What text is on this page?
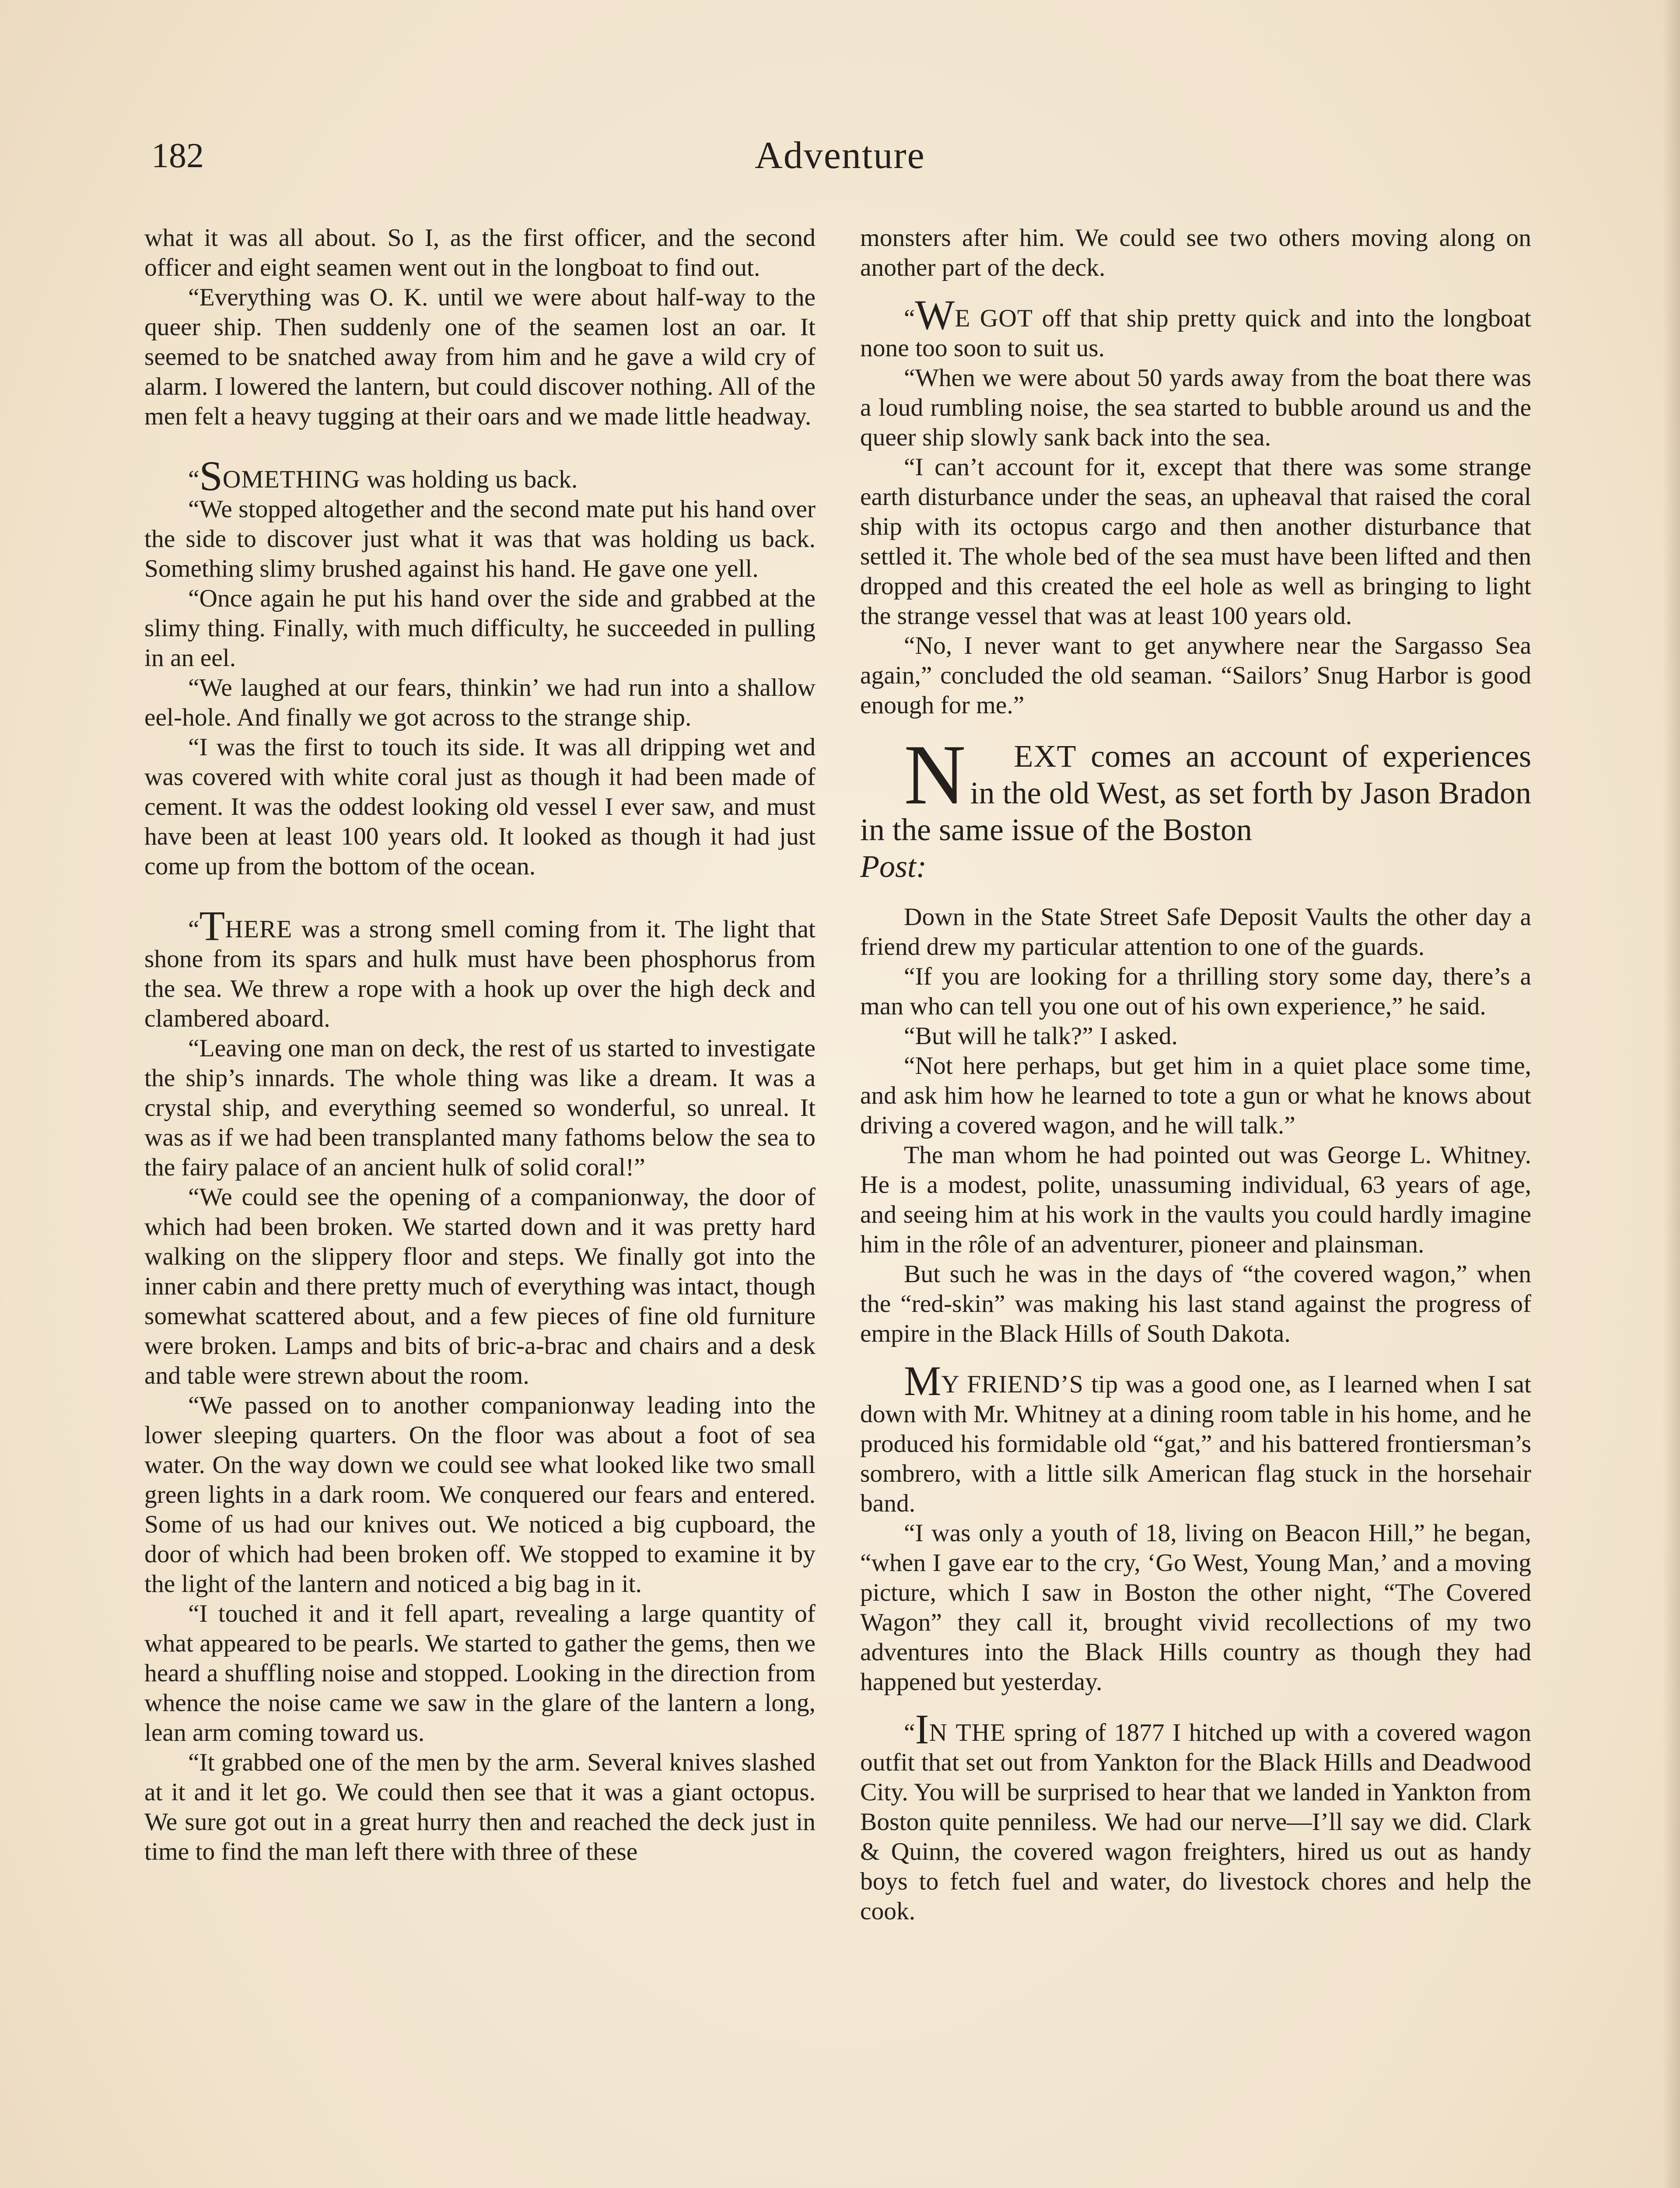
182	Adventure

what it was all about. So I, as the first officer, and the second officer and eight seamen went out in the longboat to find out.

“Everything was O. K. until we were about half-way to the queer ship. Then suddenly one of the seamen lost an oar. It seemed to be snatched away from him and he gave a wild cry of alarm. I lowered the lantern, but could discover nothing. All of the men felt a heavy tugging at their oars and we made little headway.

“SOMETHING was holding us back.

“We stopped altogether and the second mate put his hand over the side to discover just what it was that was holding us back. Something slimy brushed against his hand. He gave one yell.

“Once again he put his hand over the side and grabbed at the slimy thing. Finally, with much difficulty, he succeeded in pulling in an eel.

“We laughed at our fears, thinkin’ we had run into a shallow eel-hole. And finally we got across to the strange ship.

“I was the first to touch its side. It was all dripping wet and was covered with white coral just as though it had been made of cement. It was the oddest looking old vessel I ever saw, and must have been at least 100 years old. It looked as though it had just come up from the bottom of the ocean.

“THERE was a strong smell coming from it. The light that shone from its spars and hulk must have been phosphorus from the sea. We threw a rope with a hook up over the high deck and clambered aboard.

“Leaving one man on deck, the rest of us started to investigate the ship’s innards. The whole thing was like a dream. It was a crystal ship, and everything seemed so wonderful, so unreal. It was as if we had been transplanted many fathoms below the sea to the fairy palace of an ancient hulk of solid coral!”

“We could see the opening of a companionway, the door of which had been broken. We started down and it was pretty hard walking on the slippery floor and steps. We finally got into the inner cabin and there pretty much of everything was intact, though somewhat scattered about, and a few pieces of fine old furniture were broken. Lamps and bits of bric-a-brac and chairs and a desk and table were strewn about the room.

“We passed on to another companionway leading into the lower sleeping quarters. On the floor was about a foot of sea water. On the way down we could see what looked like two small green lights in a dark room. We conquered our fears and entered. Some of us had our knives out. We noticed a big cupboard, the door of which had been broken off. We stopped to examine it by the light of the lantern and noticed a big bag in it.

“I touched it and it fell apart, revealing a large quantity of what appeared to be pearls. We started to gather the gems, then we heard a shuffling noise and stopped. Looking in the direction from whence the noise came we saw in the glare of the lantern a long, lean arm coming toward us.

“It grabbed one of the men by the arm. Several knives slashed at it and it let go. We could then see that it was a giant octopus. We sure got out in a great hurry then and reached the deck just in time to find the man left there with three of these

monsters after him. We could see two others moving along on another part of the deck.

“WE GOT off that ship pretty quick and into the longboat none too soon to suit us.

“When we were about 50 yards away from the boat there was a loud rumbling noise, the sea started to bubble around us and the queer ship slowly sank back into the sea.

“I can’t account for it, except that there was some strange earth disturbance under the seas, an upheaval that raised the coral ship with its octopus cargo and then another disturbance that settled it. The whole bed of the sea must have been lifted and then dropped and this created the eel hole as well as bringing to light the strange vessel that was at least 100 years old.

“No, I never want to get anywhere near the Sargasso Sea again,” concluded the old seaman. “Sailors’ Snug Harbor is good enough for me.”

N EXT comes an account of experiences in the old West, as set forth by Jason Bradon in the same issue of the Boston
Post:

Down in the State Street Safe Deposit Vaults the other day a friend drew my particular attention to one of the guards.

“If you are looking for a thrilling story some day, there’s a man who can tell you one out of his own experience,” he said.

“But will he talk?” I asked.

“Not here perhaps, but get him in a quiet place some time, and ask him how he learned to tote a gun or what he knows about driving a covered wagon, and he will talk.”

The man whom he had pointed out was George L. Whitney. He is a modest, polite, unassuming individual, 63 years of age, and seeing him at his work in the vaults you could hardly imagine him in the rôle of an adventurer, pioneer and plainsman.

But such he was in the days of “the covered wagon,” when the “red-skin” was making his last stand against the progress of empire in the Black Hills of South Dakota.

MY FRIEND’S tip was a good one, as I learned when I sat down with Mr. Whitney at a dining room table in his home, and he produced his formidable old “gat,” and his battered frontiersman’s sombrero, with a little silk American flag stuck in the horsehair band.

“I was only a youth of 18, living on Beacon Hill,” he began, “when I gave ear to the cry, ‘Go West, Young Man,’ and a moving picture, which I saw in Boston the other night, “The Covered Wagon” they call it, brought vivid recollections of my two adventures into the Black Hills country as though they had happened but yesterday.

“IN THE spring of 1877 I hitched up with a covered wagon outfit that set out from Yankton for the Black Hills and Deadwood City. You will be surprised to hear that we landed in Yankton from Boston quite penniless. We had our nerve—I’ll say we did. Clark & Quinn, the covered wagon freighters, hired us out as handy boys to fetch fuel and water, do livestock chores and help the cook.
